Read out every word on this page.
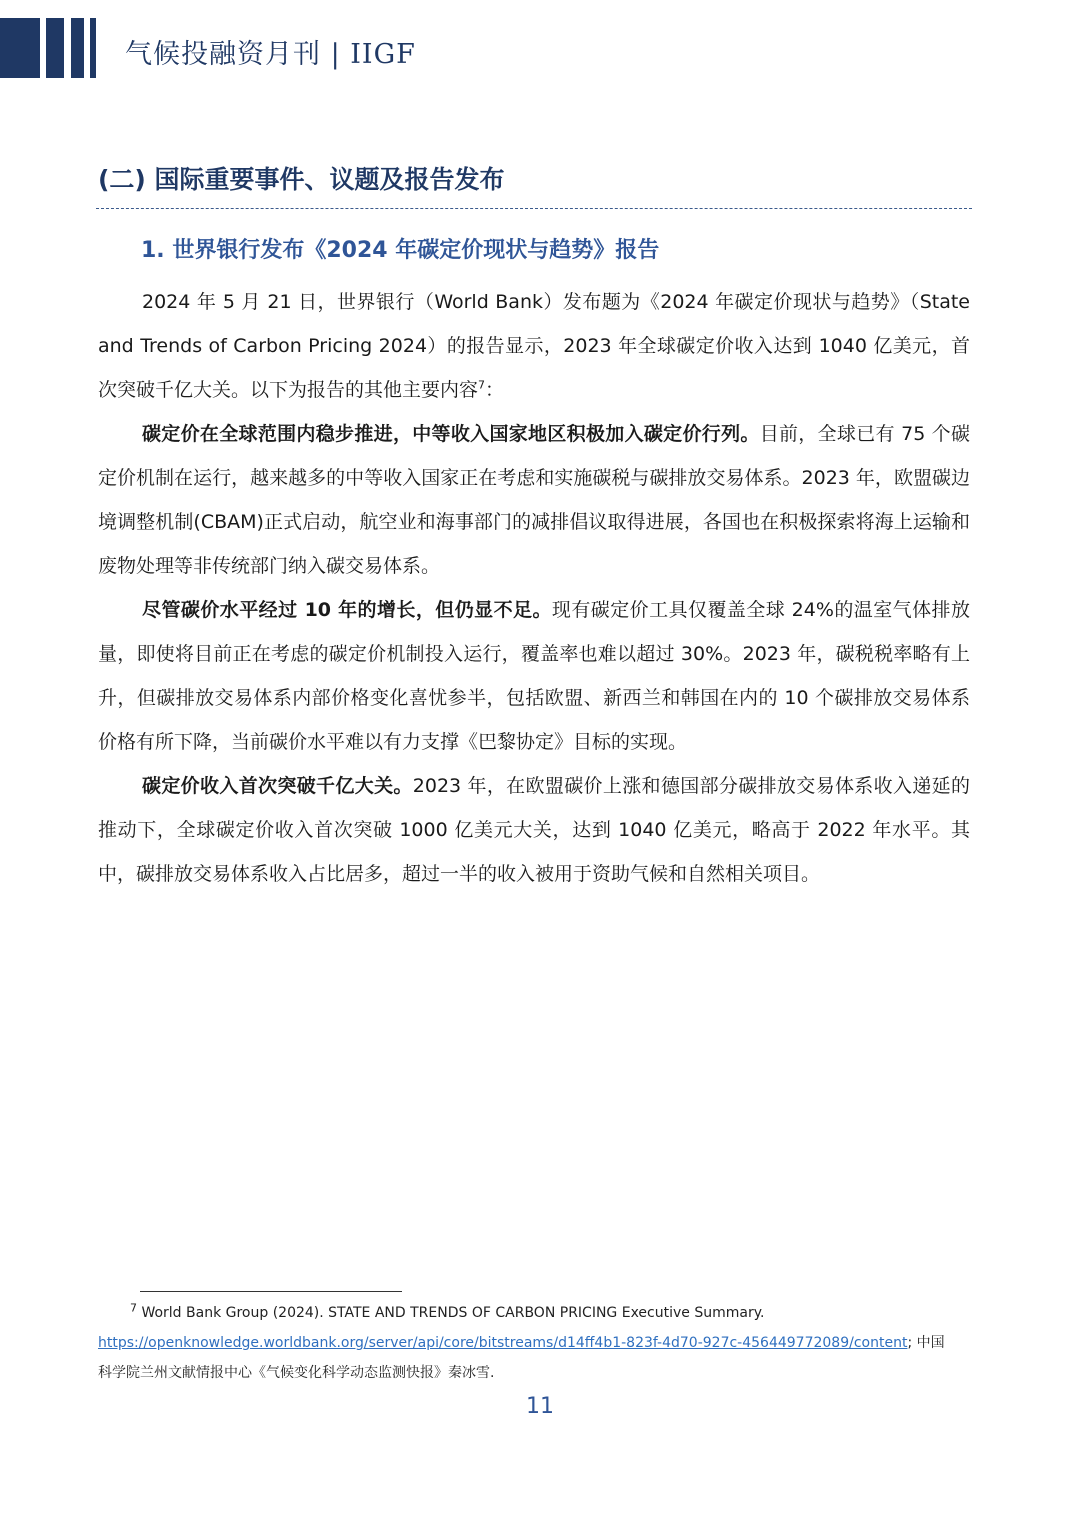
气候投融资月刊 | IIGF
(二) 国际重要事件、议题及报告发布
1. 世界银行发布《2024 年碳定价现状与趋势》报告

2024 年 5 月 21 日，世界银行（World Bank）发布题为《2024 年碳定价现状与趋势》（State and Trends of Carbon Pricing 2024）的报告显示，2023 年全球碳定价收入达到 1040 亿美元，首次突破千亿大关。以下为报告的其他主要内容$^7$：

碳定价在全球范围内稳步推进，中等收入国家地区积极加入碳定价行列。目前，全球已有 75 个碳定价机制在运行，越来越多的中等收入国家正在考虑和实施碳税与碳排放交易体系。2023 年，欧盟碳边境调整机制(CBAM)正式启动，航空业和海事部门的减排倡议取得进展，各国也在积极探索将海上运输和废物处理等非传统部门纳入碳交易体系。

尽管碳价水平经过 10 年的增长，但仍显不足。现有碳定价工具仅覆盖全球 24%的温室气体排放量，即使将目前正在考虑的碳定价机制投入运行，覆盖率也难以超过 30%。2023 年，碳税税率略有上升，但碳排放交易体系内部价格变化喜忧参半，包括欧盟、新西兰和韩国在内的 10 个碳排放交易体系价格有所下降，当前碳价水平难以有力支撑《巴黎协定》目标的实现。

碳定价收入首次突破千亿大关。2023 年，在欧盟碳价上涨和德国部分碳排放交易体系收入递延的推动下，全球碳定价收入首次突破 1000 亿美元大关，达到 1040 亿美元，略高于 2022 年水平。其中，碳排放交易体系收入占比居多，超过一半的收入被用于资助气候和自然相关项目。

$^7$ World Bank Group (2024). STATE AND TRENDS OF CARBON PRICING Executive Summary.
https://openknowledge.worldbank.org/server/api/core/bitstreams/d14ff4b1-823f-4d70-927c-456449772089/content; 中国
科学院兰州文献情报中心《气候变化科学动态监测快报》秦冰雪.
11
